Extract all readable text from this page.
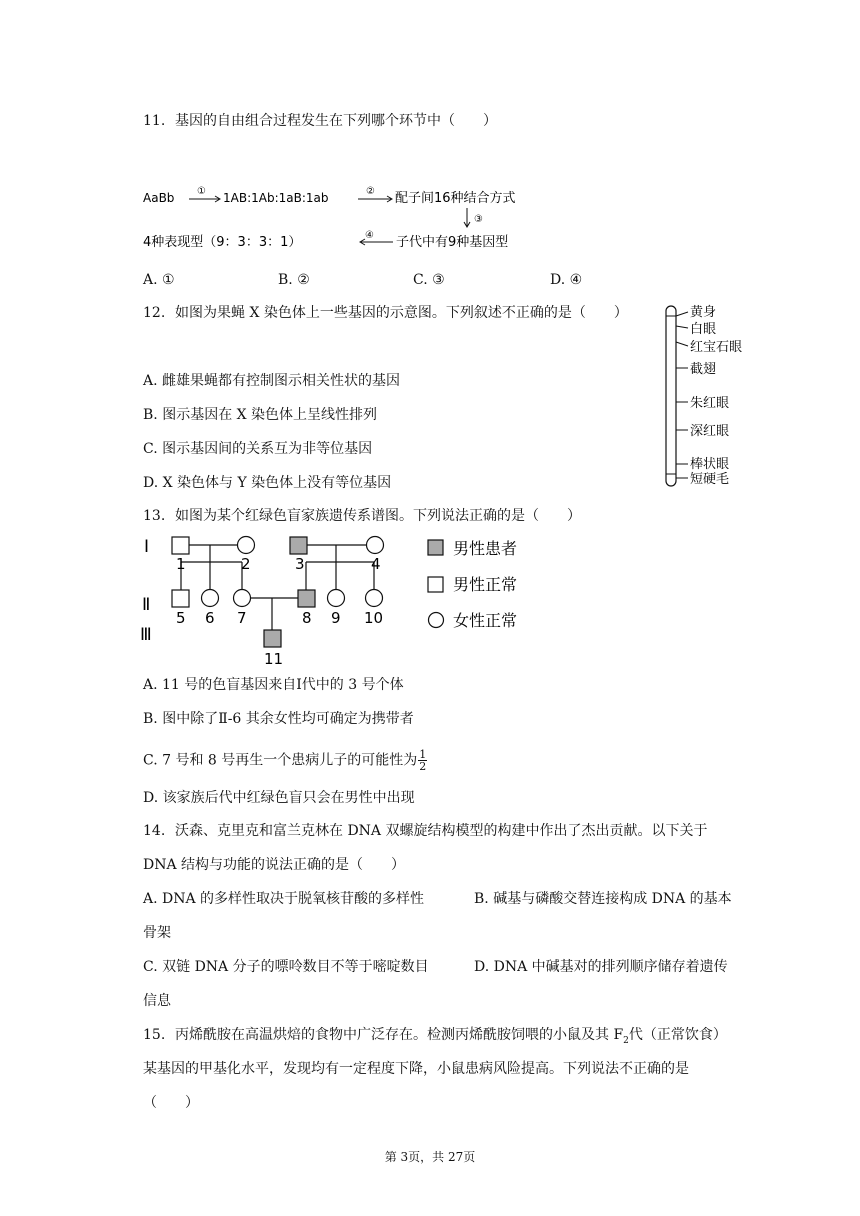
11. 基因的自由组合过程发生在下列哪个环节中（　　）
AaBb ① 1AB:1Ab:1aB:1ab	② 配子间16种结合方式
③
4种表现型（9：3：3：1）	④ 子代中有9种基因型
A. ①	B. ②	C. ③	D. ④
12. 如图为果蝇 X 染色体上一些基因的示意图。下列叙述不正确的是（　　）	黄身
白眼
红宝石眼
截翅
朱红眼
深红眼
棒状眼
短硬毛
A. 雌雄果蝇都有控制图示相关性状的基因
B. 图示基因在 X 染色体上呈线性排列
C. 图示基因间的关系互为非等位基因
D. X 染色体与 Y 染色体上没有等位基因
13. 如图为某个红绿色盲家族遗传系谱图。下列说法正确的是（　　）
Ⅰ
Ⅱ
Ⅲ
1	2	3	4
5 6 7	8 9 10
11
男性患者
男性正常
女性正常
A. 11 号的色盲基因来自Ⅰ代中的 3 号个体
B. 图中除了Ⅱ-6 其余女性均可确定为携带者
C. 7 号和 8 号再生一个患病儿子的可能性为 $\frac{1}{2}$
D. 该家族后代中红绿色盲只会在男性中出现
14. 沃森、克里克和富兰克林在 DNA 双螺旋结构模型的构建中作出了杰出贡献。以下关于
DNA 结构与功能的说法正确的是（　　）
A. DNA 的多样性取决于脱氧核苷酸的多样性	B. 碱基与磷酸交替连接构成 DNA 的基本
骨架
C. 双链 DNA 分子的嘌呤数目不等于嘧啶数目	D. DNA 中碱基对的排列顺序储存着遗传
信息
15. 丙烯酰胺在高温烘焙的食物中广泛存在。检测丙烯酰胺饲喂的小鼠及其 $F_2$代（正常饮食）
某基因的甲基化水平，发现均有一定程度下降，小鼠患病风险提高。下列说法不正确的是
（　　）
第 3页，共 27页
